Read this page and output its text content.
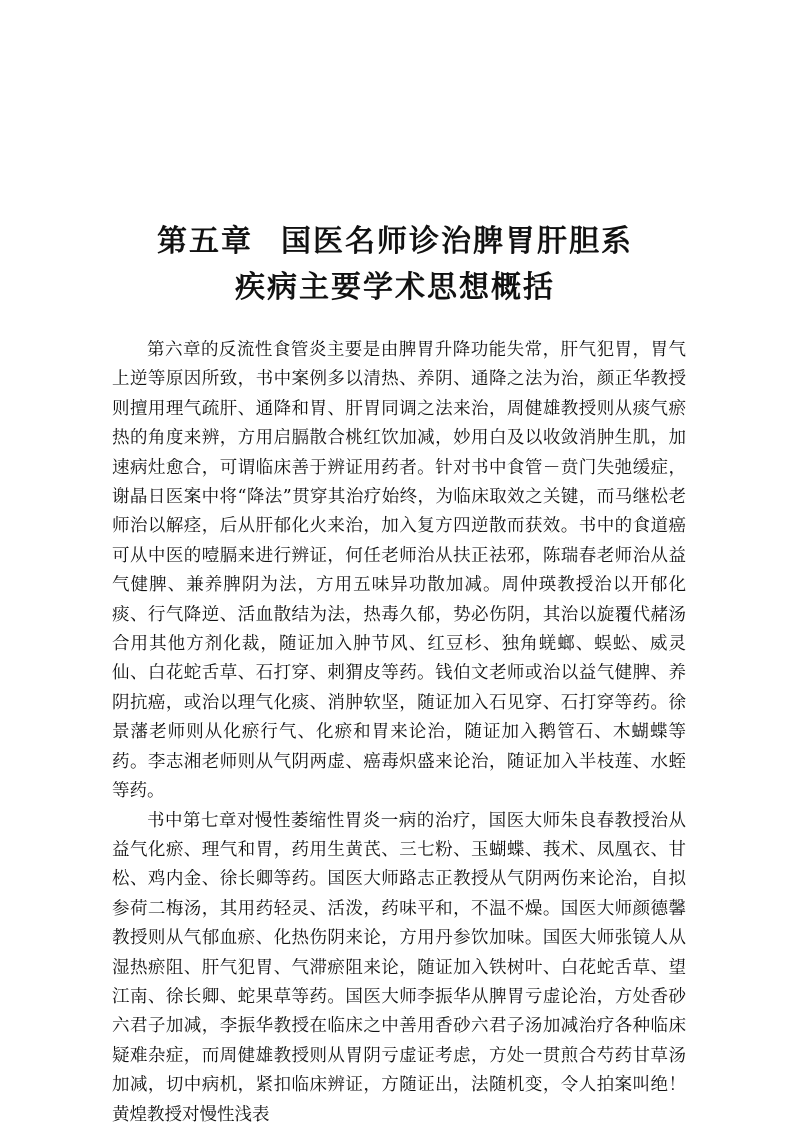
第五章 国医名师诊治脾胃肝胆系
疾病主要学术思想概括

第六章的反流性食管炎主要是由脾胃升降功能失常，肝气犯胃，胃气上逆等原因所致，书中案例多以清热、养阴、通降之法为治，颜正华教授则擅用理气疏肝、通降和胃、肝胃同调之法来治，周健雄教授则从痰气瘀热的角度来辨，方用启膈散合桃红饮加减，妙用白及以收敛消肿生肌，加速病灶愈合，可谓临床善于辨证用药者。针对书中食管－贲门失弛缓症，谢晶日医案中将“降法”贯穿其治疗始终，为临床取效之关键，而马继松老师治以解痉，后从肝郁化火来治，加入复方四逆散而获效。书中的食道癌可从中医的噎膈来进行辨证，何任老师治从扶正祛邪，陈瑞春老师治从益气健脾、兼养脾阴为法，方用五味异功散加减。周仲瑛教授治以开郁化痰、行气降逆、活血散结为法，热毒久郁，势必伤阴，其治以旋覆代赭汤合用其他方剂化裁，随证加入肿节风、红豆杉、独角蜣螂、蜈蚣、威灵仙、白花蛇舌草、石打穿、刺猬皮等药。钱伯文老师或治以益气健脾、养阴抗癌，或治以理气化痰、消肿软坚，随证加入石见穿、石打穿等药。徐景藩老师则从化瘀行气、化瘀和胃来论治，随证加入鹅管石、木蝴蝶等药。李志湘老师则从气阴两虚、癌毒炽盛来论治，随证加入半枝莲、水蛭等药。

书中第七章对慢性萎缩性胃炎一病的治疗，国医大师朱良春教授治从益气化瘀、理气和胃，药用生黄芪、三七粉、玉蝴蝶、莪术、凤凰衣、甘松、鸡内金、徐长卿等药。国医大师路志正教授从气阴两伤来论治，自拟参荷二梅汤，其用药轻灵、活泼，药味平和，不温不燥。国医大师颜德馨教授则从气郁血瘀、化热伤阴来论，方用丹参饮加味。国医大师张镜人从湿热瘀阻、肝气犯胃、气滞瘀阻来论，随证加入铁树叶、白花蛇舌草、望江南、徐长卿、蛇果草等药。国医大师李振华从脾胃亏虚论治，方处香砂六君子加减，李振华教授在临床之中善用香砂六君子汤加减治疗各种临床疑难杂症，而周健雄教授则从胃阴亏虚证考虑，方处一贯煎合芍药甘草汤加减，切中病机，紧扣临床辨证，方随证出，法随机变，令人拍案叫绝！黄煌教授对慢性浅表
